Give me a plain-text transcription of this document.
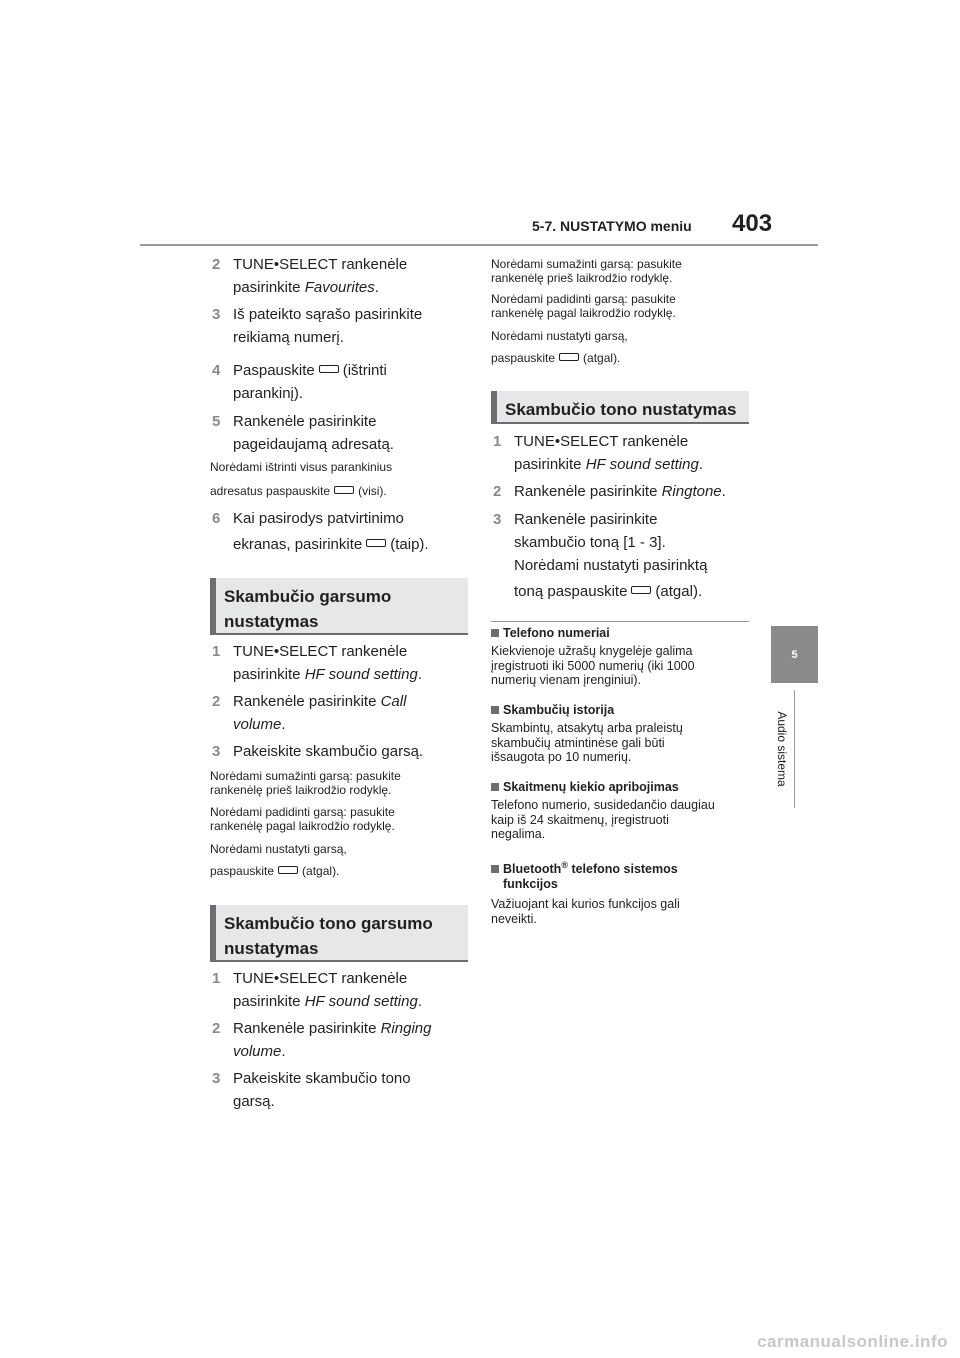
5-7. NUSTATYMO meniu 403
5
Audio sistema
2 TUNE•SELECT rankenėle
pasirinkite Favourites.
3 Iš pateikto sąrašo pasirinkite
reikiamą numerį.
4 Paspauskite (ištrinti
parankinį).
5 Rankenėle pasirinkite
pageidaujamą adresatą.
Norėdami ištrinti visus parankinius
adresatus paspauskite (visi).
6 Kai pasirodys patvirtinimo
ekranas, pasirinkite (taip).
Skambučio garsumo
nustatymas
1 TUNE•SELECT rankenėle
pasirinkite HF sound setting.
2 Rankenėle pasirinkite Call
volume.
3 Pakeiskite skambučio garsą.
Norėdami sumažinti garsą: pasukite
rankenėlę prieš laikrodžio rodyklę.
Norėdami padidinti garsą: pasukite
rankenėlę pagal laikrodžio rodyklę.
Norėdami nustatyti garsą,
paspauskite (atgal).
Skambučio tono garsumo
nustatymas
1 TUNE•SELECT rankenėle
pasirinkite HF sound setting.
2 Rankenėle pasirinkite Ringing
volume.
3 Pakeiskite skambučio tono
garsą.
Norėdami sumažinti garsą: pasukite
rankenėlę prieš laikrodžio rodyklę.
Norėdami padidinti garsą: pasukite
rankenėlę pagal laikrodžio rodyklę.
Norėdami nustatyti garsą,
paspauskite (atgal).
Skambučio tono nustatymas
1 TUNE•SELECT rankenėle
pasirinkite HF sound setting.
2 Rankenėle pasirinkite Ringtone.
3 Rankenėle pasirinkite
skambučio toną [1 - 3].
Norėdami nustatyti pasirinktą
toną paspauskite (atgal).
Telefono numeriai
Kiekvienoje užrašų knygelėje galima
įregistruoti iki 5000 numerių (iki 1000
numerių vienam įrenginiui).
Skambučių istorija
Skambintų, atsakytų arba praleistų
skambučių atmintinėse gali būti
išsaugota po 10 numerių.
Skaitmenų kiekio apribojimas
Telefono numerio, susidedančio daugiau
kaip iš 24 skaitmenų, įregistruoti
negalima.
Bluetooth® telefono sistemos
funkcijos
Važiuojant kai kurios funkcijos gali
neveikti.
carmanualsonline.info
